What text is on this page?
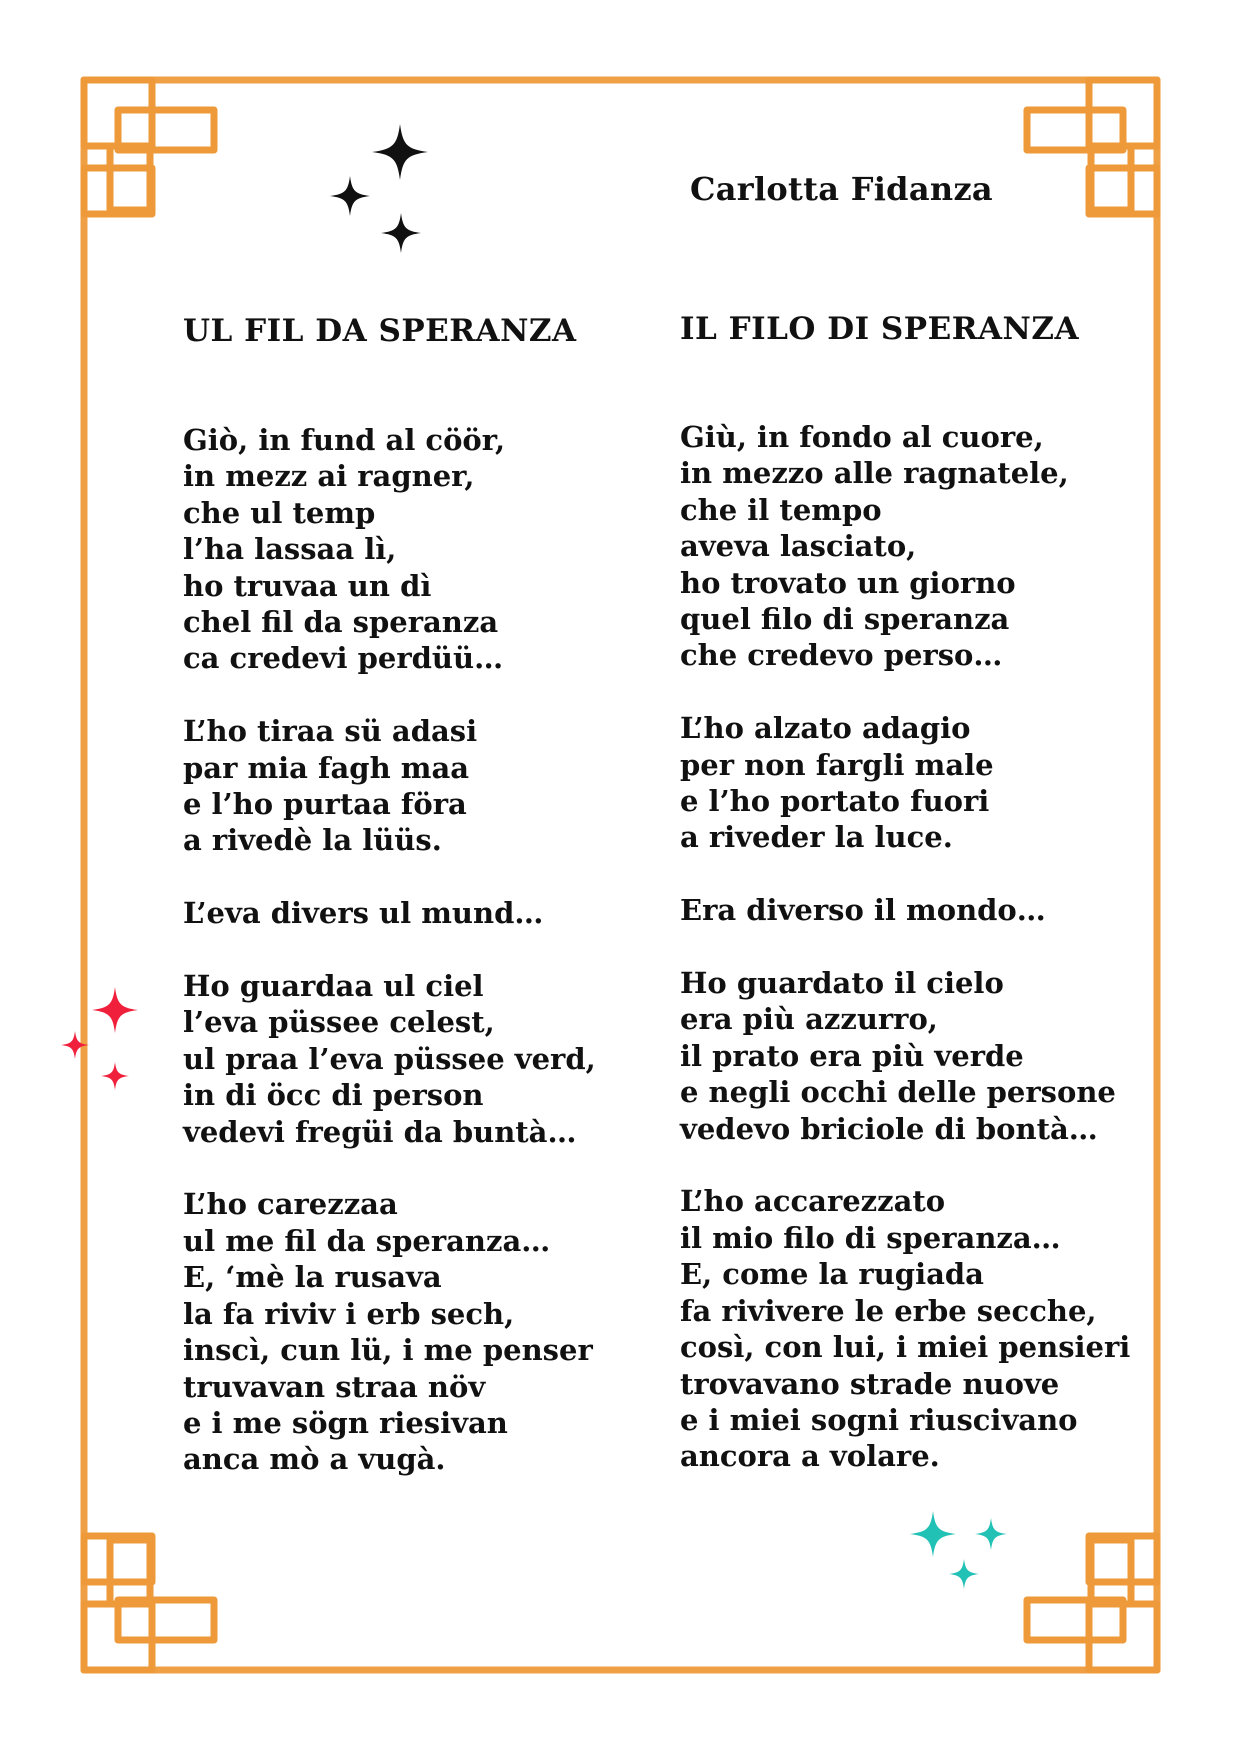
Carlotta Fidanza
UL FIL DA SPERANZA	IL FILO DI SPERANZA
Giò, in fund al cöör,
in mezz ai ragner,
che ul temp
l’ha lassaa lì,
ho truvaa un dì
chel fil da speranza
ca credevi perdüü…
L’ho tiraa sü adasi
par mia fagh maa
e l’ho purtaa föra
a rivedè la lüüs.
L’eva divers ul mund…
Ho guardaa ul ciel
l’eva püssee celest,
ul praa l’eva püssee verd,
in di öcc di person
vedevi fregüi da buntà…
L’ho carezzaa
ul me fil da speranza…
E, ‘mè la rusava
la fa riviv i erb sech,
inscì, cun lü, i me penser
truvavan straa növ
e i me sögn riesivan
anca mò a vugà.
Giù, in fondo al cuore,
in mezzo alle ragnatele,
che il tempo
aveva lasciato,
ho trovato un giorno
quel filo di speranza
che credevo perso…
L’ho alzato adagio
per non fargli male
e l’ho portato fuori
a riveder la luce.
Era diverso il mondo…
Ho guardato il cielo
era più azzurro,
il prato era più verde
e negli occhi delle persone
vedevo briciole di bontà…
L’ho accarezzato
il mio filo di speranza…
E, come la rugiada
fa rivivere le erbe secche,
così, con lui, i miei pensieri
trovavano strade nuove
e i miei sogni riuscivano
ancora a volare.
